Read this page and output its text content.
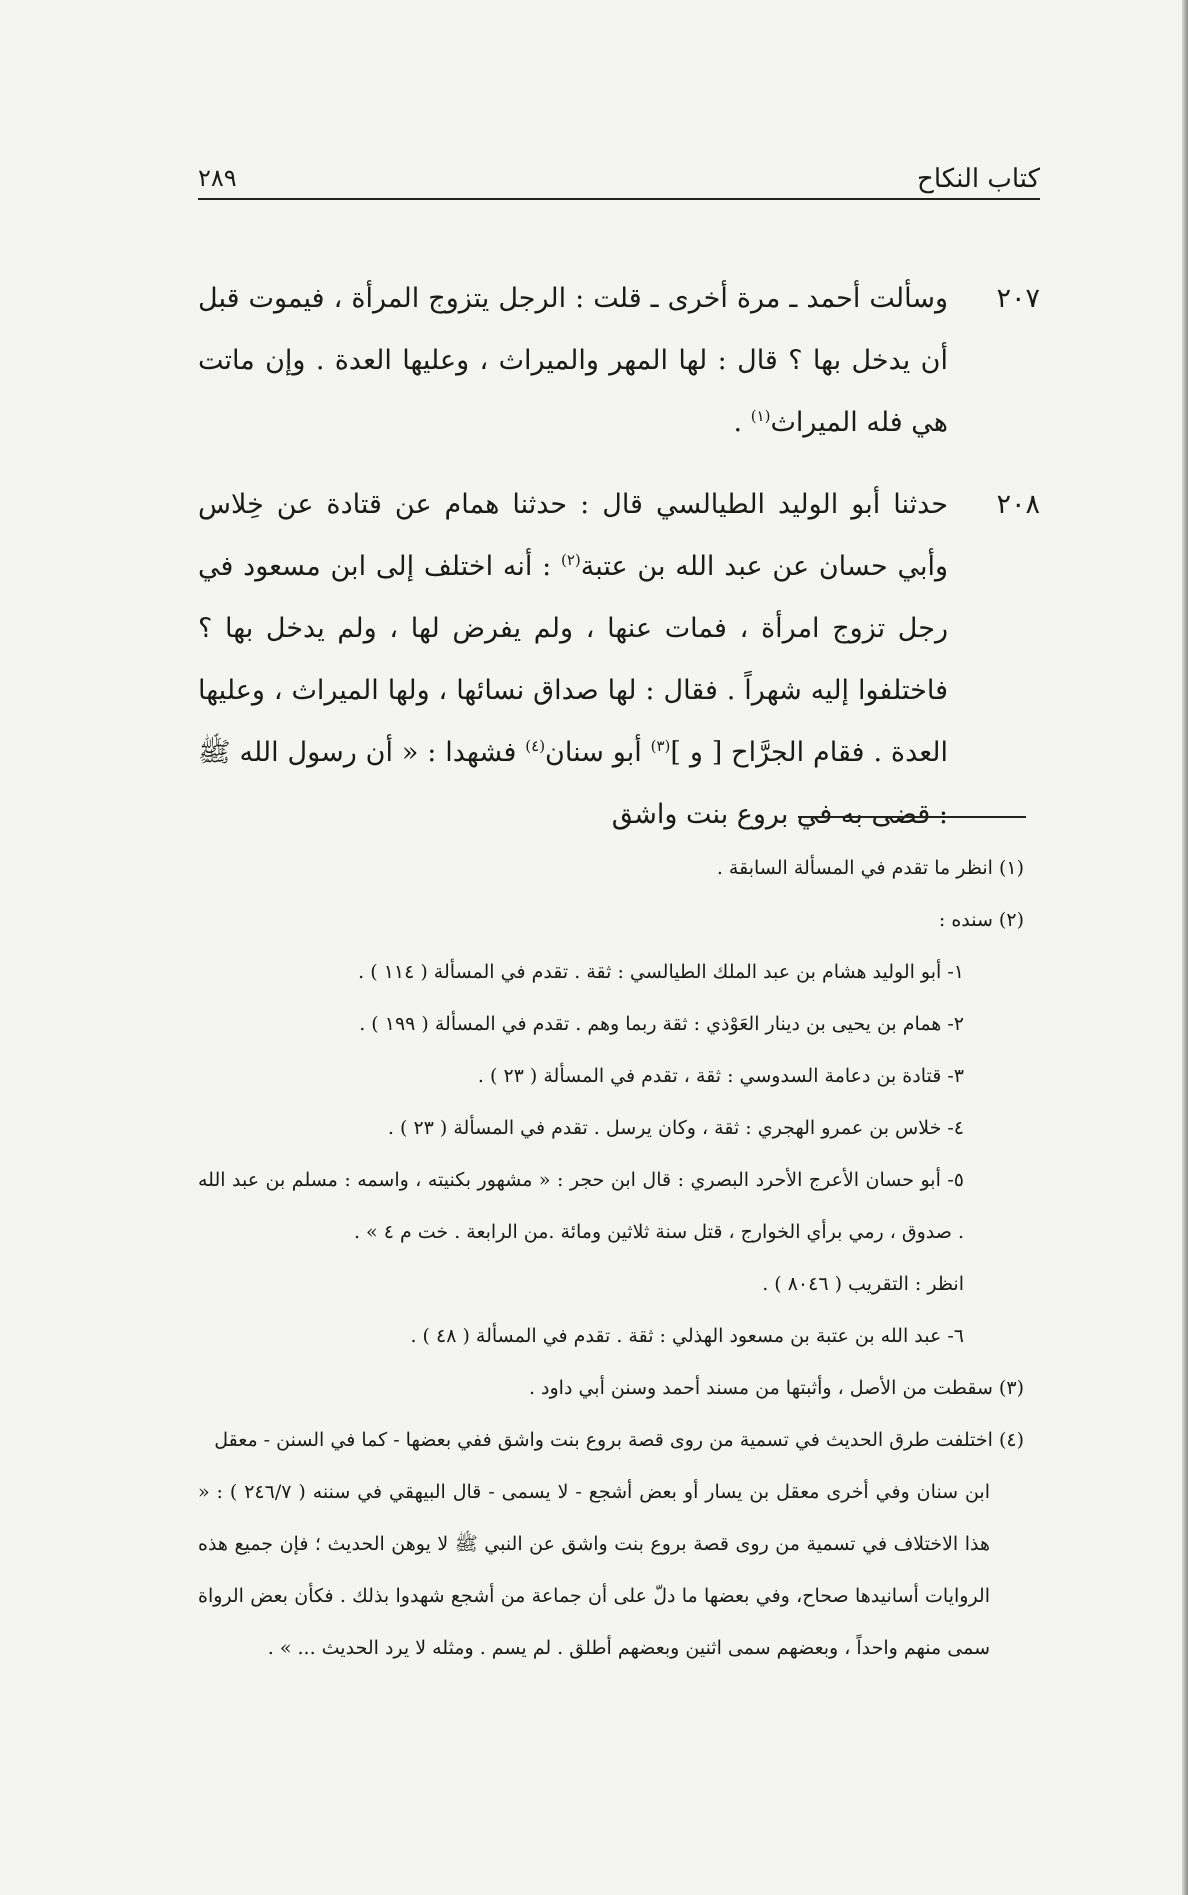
كتاب النكاح
٢٨٩
٢٠٧
وسألت أحمد ـ مرة أخرى ـ قلت : الرجل يتزوج المرأة ، فيموت قبل أن يدخل بها ؟ قال : لها المهر والميراث ، وعليها العدة . وإن ماتت هي فله الميراث$^{(١)}$ .
٢٠٨
حدثنا أبو الوليد الطيالسي قال : حدثنا همام عن قتادة عن خِلاس وأبي حسان عن عبد الله بن عتبة$^{(٢)}$ : أنه اختلف إلى ابن مسعود في رجل تزوج امرأة ، فمات عنها ، ولم يفرض لها ، ولم يدخل بها ؟ فاختلفوا إليه شهراً . فقال : لها صداق نسائها ، ولها الميراث ، وعليها العدة . فقام الجرَّاح [ و ]$^{(٣)}$ أبو سنان$^{(٤)}$ فشهدا : « أن رسول الله ﷺ : قضى به في بروع بنت واشق
(١) انظر ما تقدم في المسألة السابقة .
(٢) سنده :
١- أبو الوليد هشام بن عبد الملك الطيالسي : ثقة . تقدم في المسألة ( ١١٤ ) .
٢- همام بن يحيى بن دينار العَوْذي : ثقة ربما وهم . تقدم في المسألة ( ١٩٩ ) .
٣- قتادة بن دعامة السدوسي : ثقة ، تقدم في المسألة ( ٢٣ ) .
٤- خلاس بن عمرو الهجري : ثقة ، وكان يرسل . تقدم في المسألة ( ٢٣ ) .
٥- أبو حسان الأعرج الأحرد البصري : قال ابن حجر : « مشهور بكنيته ، واسمه : مسلم بن عبد الله . صدوق ، رمي برأي الخوارج ، قتل سنة ثلاثين ومائة .من الرابعة . خت م ٤ » .
انظر : التقريب ( ٨٠٤٦ ) .
٦- عبد الله بن عتبة بن مسعود الهذلي : ثقة . تقدم في المسألة ( ٤٨ ) .
(٣) سقطت من الأصل ، وأثبتها من مسند أحمد وسنن أبي داود .
(٤) اختلفت طرق الحديث في تسمية من روى قصة بروع بنت واشق ففي بعضها - كما في السنن - معقل
ابن سنان وفي أخرى معقل بن يسار أو بعض أشجع - لا يسمى - قال البيهقي في سننه ( ٢٤٦/٧ ) : « هذا الاختلاف في تسمية من روى قصة بروع بنت واشق عن النبي ﷺ لا يوهن الحديث ؛ فإن جميع هذه الروايات أسانيدها صحاح، وفي بعضها ما دلّ على أن جماعة من أشجع شهدوا بذلك . فكأن بعض الرواة سمى منهم واحداً ، وبعضهم سمى اثنين وبعضهم أطلق . لم يسم . ومثله لا يرد الحديث ... » .
